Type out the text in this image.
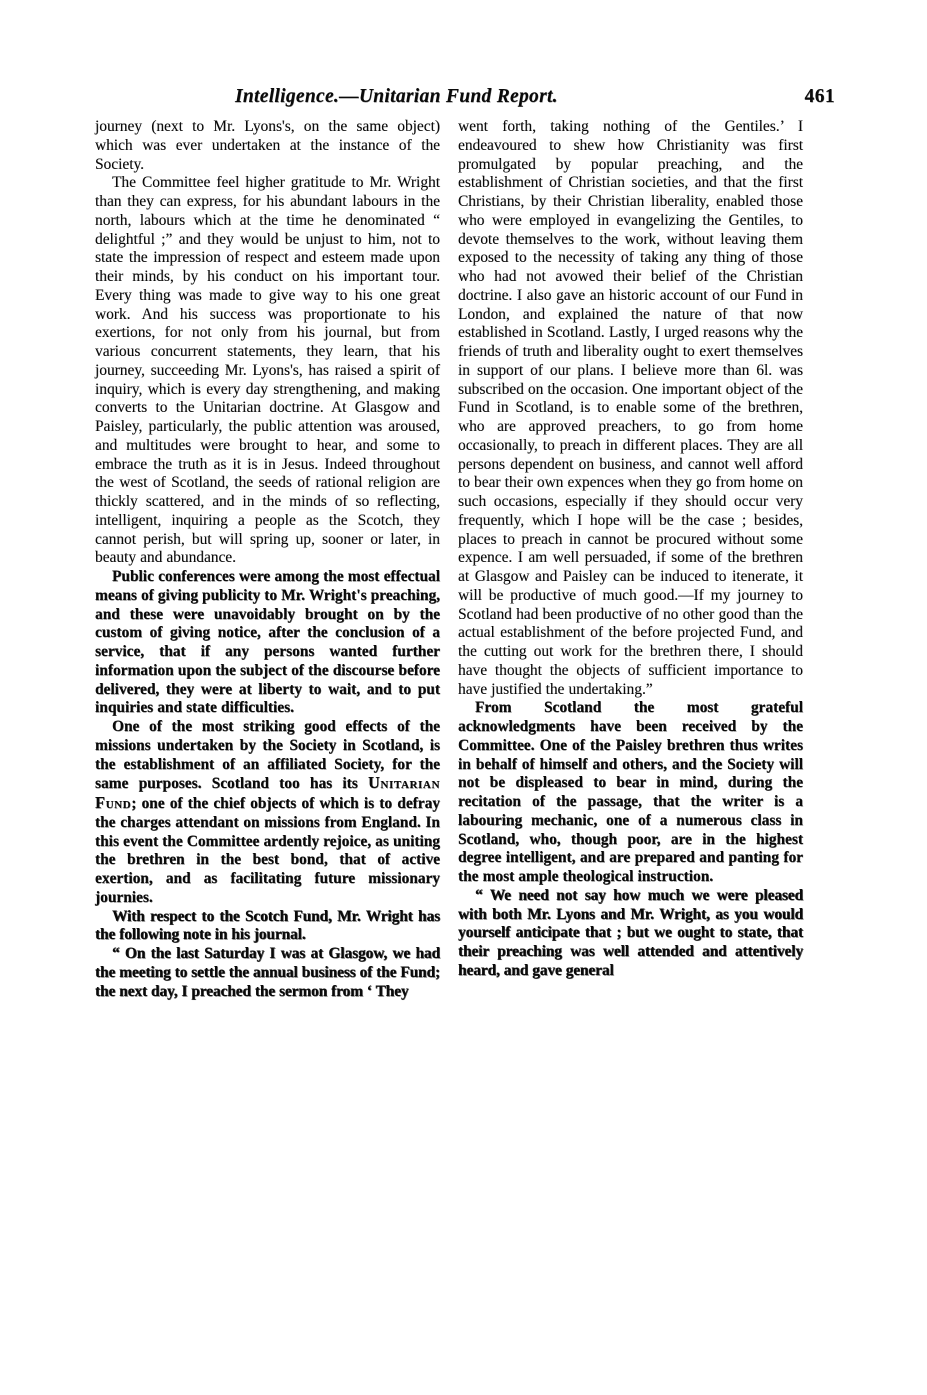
Intelligence.—Unitarian Fund Report.	461

journey (next to Mr. Lyons's, on the same object) which was ever undertaken at the instance of the Society.

The Committee feel higher gratitude to Mr. Wright than they can express, for his abundant labours in the north, labours which at the time he denominated “ delightful ;” and they would be unjust to him, not to state the impression of respect and esteem made upon their minds, by his conduct on his important tour. Every thing was made to give way to his one great work. And his success was proportionate to his exertions, for not only from his journal, but from various concurrent statements, they learn, that his journey, succeeding Mr. Lyons's, has raised a spirit of inquiry, which is every day strengthening, and making converts to the Unitarian doctrine. At Glasgow and Paisley, particularly, the public attention was aroused, and multitudes were brought to hear, and some to embrace the truth as it is in Jesus. Indeed throughout the west of Scotland, the seeds of rational religion are thickly scattered, and in the minds of so reflecting, intelligent, inquiring a people as the Scotch, they cannot perish, but will spring up, sooner or later, in beauty and abundance.

Public conferences were among the most effectual means of giving publicity to Mr. Wright's preaching, and these were unavoidably brought on by the custom of giving notice, after the conclusion of a service, that if any persons wanted further information upon the subject of the discourse before delivered, they were at liberty to wait, and to put inquiries and state difficulties.

One of the most striking good effects of the missions undertaken by the Society in Scotland, is the establishment of an affiliated Society, for the same purposes. Scotland too has its Unitarian Fund; one of the chief objects of which is to defray the charges attendant on missions from England. In this event the Committee ardently rejoice, as uniting the brethren in the best bond, that of active exertion, and as facilitating future missionary journies.

With respect to the Scotch Fund, Mr. Wright has the following note in his journal.

“ On the last Saturday I was at Glasgow, we had the meeting to settle the annual business of the Fund; the next day, I preached the sermon from ‘ They

went forth, taking nothing of the Gentiles.’ I endeavoured to shew how Christianity was first promulgated by popular preaching, and the establishment of Christian societies, and that the first Christians, by their Christian liberality, enabled those who were employed in evangelizing the Gentiles, to devote themselves to the work, without leaving them exposed to the necessity of taking any thing of those who had not avowed their belief of the Christian doctrine. I also gave an historic account of our Fund in London, and explained the nature of that now established in Scotland. Lastly, I urged reasons why the friends of truth and liberality ought to exert themselves in support of our plans. I believe more than 6l. was subscribed on the occasion. One important object of the Fund in Scotland, is to enable some of the brethren, who are approved preachers, to go from home occasionally, to preach in different places. They are all persons dependent on business, and cannot well afford to bear their own expences when they go from home on such occasions, especially if they should occur very frequently, which I hope will be the case ; besides, places to preach in cannot be procured without some expence. I am well persuaded, if some of the brethren at Glasgow and Paisley can be induced to itenerate, it will be productive of much good.—If my journey to Scotland had been productive of no other good than the actual establishment of the before projected Fund, and the cutting out work for the brethren there, I should have thought the objects of sufficient importance to have justified the undertaking.”

From Scotland the most grateful acknowledgments have been received by the Committee. One of the Paisley brethren thus writes in behalf of himself and others, and the Society will not be displeased to bear in mind, during the recitation of the passage, that the writer is a labouring mechanic, one of a numerous class in Scotland, who, though poor, are in the highest degree intelligent, and are prepared and panting for the most ample theological instruction.

“ We need not say how much we were pleased with both Mr. Lyons and Mr. Wright, as you would yourself anticipate that ; but we ought to state, that their preaching was well attended and attentively heard, and gave general
